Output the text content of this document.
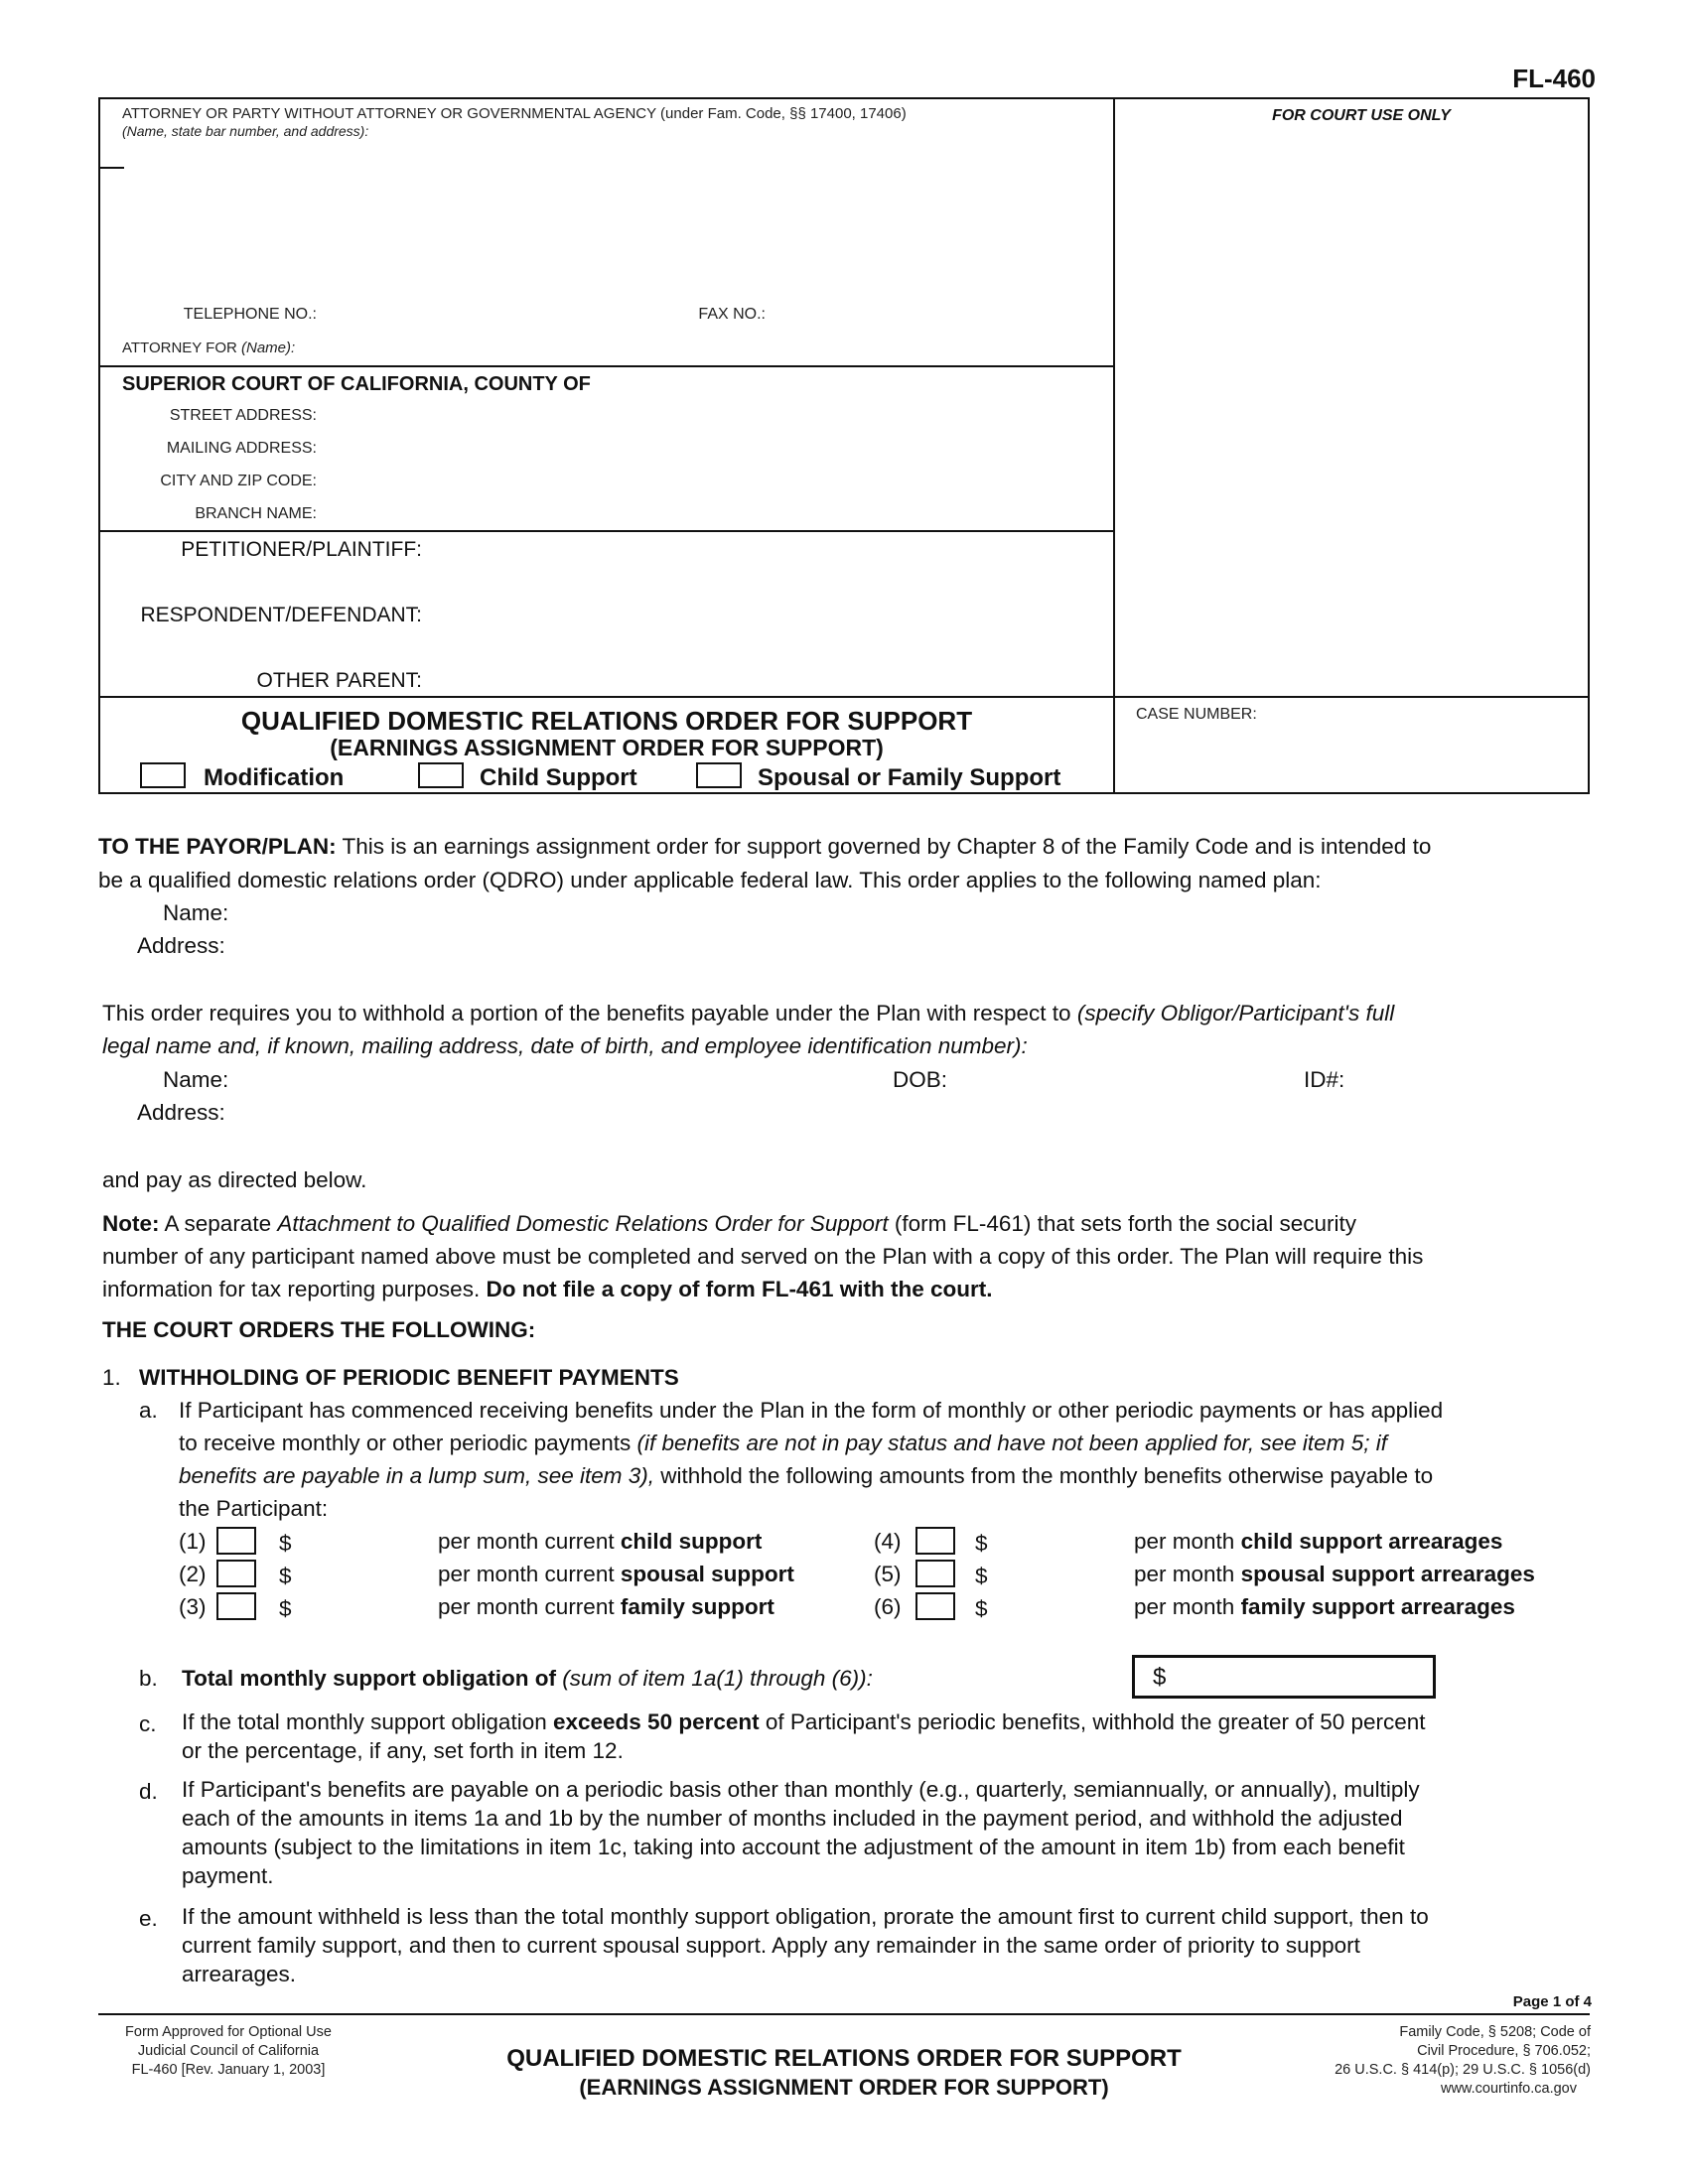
FL-460
ATTORNEY OR PARTY WITHOUT ATTORNEY OR GOVERNMENTAL AGENCY (under Fam. Code, §§ 17400, 17406)
(Name, state bar number, and address):
TELEPHONE NO.:	FAX NO.:
ATTORNEY FOR (Name):
FOR COURT USE ONLY
SUPERIOR COURT OF CALIFORNIA, COUNTY OF
STREET ADDRESS:
MAILING ADDRESS:
CITY AND ZIP CODE:
BRANCH NAME:
PETITIONER/PLAINTIFF:
RESPONDENT/DEFENDANT:
OTHER PARENT:
QUALIFIED DOMESTIC RELATIONS ORDER FOR SUPPORT
(EARNINGS ASSIGNMENT ORDER FOR SUPPORT)
Modification	Child Support	Spousal or Family Support
CASE NUMBER:
TO THE PAYOR/PLAN: This is an earnings assignment order for support governed by Chapter 8 of the Family Code and is intended to
be a qualified domestic relations order (QDRO) under applicable federal law. This order applies to the following named plan:
Name:
Address:
This order requires you to withhold a portion of the benefits payable under the Plan with respect to (specify Obligor/Participant's full
legal name and, if known, mailing address, date of birth, and employee identification number):
Name:	DOB:	ID#:
Address:
and pay as directed below.
Note: A separate Attachment to Qualified Domestic Relations Order for Support (form FL-461) that sets forth the social security
number of any participant named above must be completed and served on the Plan with a copy of this order. The Plan will require this
information for tax reporting purposes. Do not file a copy of form FL-461 with the court.
THE COURT ORDERS THE FOLLOWING:
1. WITHHOLDING OF PERIODIC BENEFIT PAYMENTS
a. If Participant has commenced receiving benefits under the Plan in the form of monthly or other periodic payments or has applied
to receive monthly or other periodic payments (if benefits are not in pay status and have not been applied for, see item 5; if
benefits are payable in a lump sum, see item 3), withhold the following amounts from the monthly benefits otherwise payable to
the Participant:
(1)	$	per month current child support	(4)	$	per month child support arrearages
(2)	$	per month current spousal support	(5)	$	per month spousal support arrearages
(3)	$	per month current family support	(6)	$	per month family support arrearages
b. Total monthly support obligation of (sum of item 1a(1) through (6)):	$
c. If the total monthly support obligation exceeds 50 percent of Participant's periodic benefits, withhold the greater of 50 percent
or the percentage, if any, set forth in item 12.
d. If Participant's benefits are payable on a periodic basis other than monthly (e.g., quarterly, semiannually, or annually), multiply
each of the amounts in items 1a and 1b by the number of months included in the payment period, and withhold the adjusted
amounts (subject to the limitations in item 1c, taking into account the adjustment of the amount in item 1b) from each benefit
payment.
e. If the amount withheld is less than the total monthly support obligation, prorate the amount first to current child support, then to
current family support, and then to current spousal support. Apply any remainder in the same order of priority to support
arrearages.
Page 1 of 4
Form Approved for Optional Use
Judicial Council of California
FL-460 [Rev. January 1, 2003]	QUALIFIED DOMESTIC RELATIONS ORDER FOR SUPPORT
(EARNINGS ASSIGNMENT ORDER FOR SUPPORT)
Family Code, § 5208; Code of
Civil Procedure, § 706.052;
26 U.S.C. § 414(p); 29 U.S.C. § 1056(d)
www.courtinfo.ca.gov
